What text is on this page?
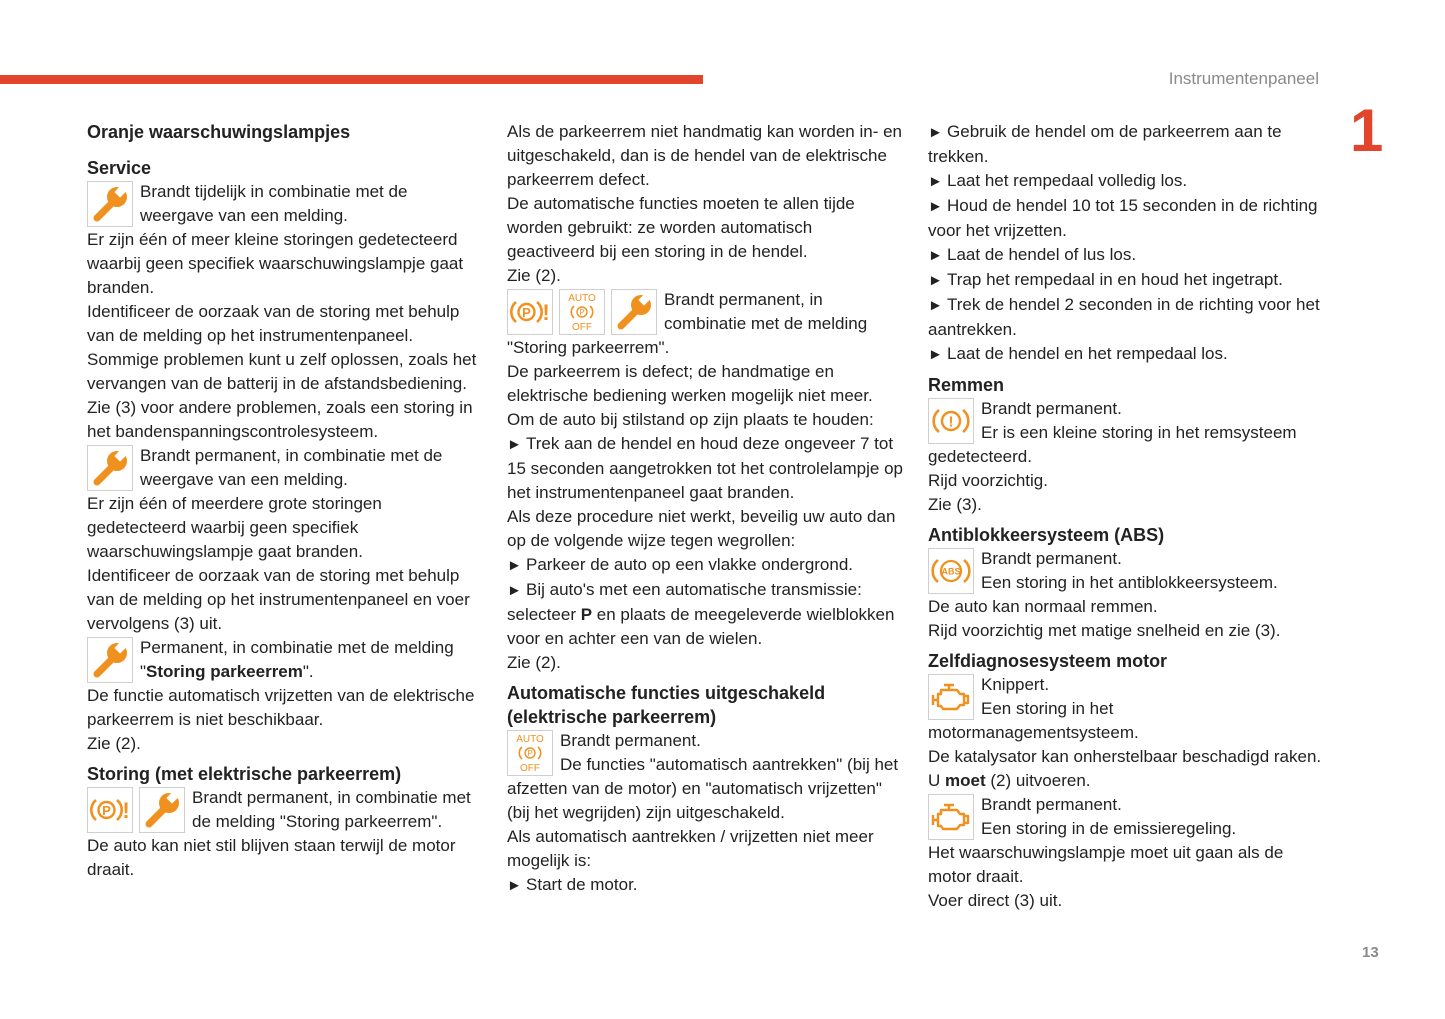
Instrumentenpaneel
1
13
Oranje waarschuwingslampjes
Service
Brandt tijdelijk in combinatie met de weergave van een melding.
Er zijn één of meer kleine storingen gedetecteerd waarbij geen specifiek waarschuwingslampje gaat branden.
Identificeer de oorzaak van de storing met behulp van de melding op het instrumentenpaneel.
Sommige problemen kunt u zelf oplossen, zoals het vervangen van de batterij in de afstandsbediening.
Zie (3) voor andere problemen, zoals een storing in het bandenspanningscontrolesysteem.
Brandt permanent, in combinatie met de weergave van een melding.
Er zijn één of meerdere grote storingen gedetecteerd waarbij geen specifiek waarschuwingslampje gaat branden.
Identificeer de oorzaak van de storing met behulp van de melding op het instrumentenpaneel en voer vervolgens (3) uit.
Permanent, in combinatie met de melding "Storing parkeerrem".
De functie automatisch vrijzetten van de elektrische parkeerrem is niet beschikbaar.
Zie (2).
Storing (met elektrische parkeerrem)
P !
Brandt permanent, in combinatie met de melding "Storing parkeerrem".
De auto kan niet stil blijven staan terwijl de motor draait.
Als de parkeerrem niet handmatig kan worden in- en uitgeschakeld, dan is de hendel van de elektrische parkeerrem defect.
De automatische functies moeten te allen tijde worden gebruikt: ze worden automatisch geactiveerd bij een storing in de hendel.
Zie (2).
P !
AUTO
P
OFF
Brandt permanent, in combinatie met de melding "Storing parkeerrem".
De parkeerrem is defect; de handmatige en elektrische bediening werken mogelijk niet meer.
Om de auto bij stilstand op zijn plaats te houden:
► Trek aan de hendel en houd deze ongeveer 7 tot 15 seconden aangetrokken tot het controlelampje op het instrumentenpaneel gaat branden.
Als deze procedure niet werkt, beveilig uw auto dan op de volgende wijze tegen wegrollen:
► Parkeer de auto op een vlakke ondergrond.
► Bij auto's met een automatische transmissie: selecteer P en plaats de meegeleverde wielblokken voor en achter een van de wielen.
Zie (2).
Automatische functies uitgeschakeld (elektrische parkeerrem)
AUTO
P
OFF
Brandt permanent.
De functies "automatisch aantrekken" (bij het afzetten van de motor) en "automatisch vrijzetten" (bij het wegrijden) zijn uitgeschakeld.
Als automatisch aantrekken / vrijzetten niet meer mogelijk is:
► Start de motor.
► Gebruik de hendel om de parkeerrem aan te trekken.
► Laat het rempedaal volledig los.
► Houd de hendel 10 tot 15 seconden in de richting voor het vrijzetten.
► Laat de hendel of lus los.
► Trap het rempedaal in en houd het ingetrapt.
► Trek de hendel 2 seconden in de richting voor het aantrekken.
► Laat de hendel en het rempedaal los.
Remmen
!
Brandt permanent.
Er is een kleine storing in het remsysteem gedetecteerd.
Rijd voorzichtig.
Zie (3).
Antiblokkeersysteem (ABS)
ABS
Brandt permanent.
Een storing in het antiblokkeersysteem.
De auto kan normaal remmen.
Rijd voorzichtig met matige snelheid en zie (3).
Zelfdiagnosesysteem motor
Knippert.
Een storing in het motormanagementsysteem.
De katalysator kan onherstelbaar beschadigd raken.
U moet (2) uitvoeren.
Brandt permanent.
Een storing in de emissieregeling.
Het waarschuwingslampje moet uit gaan als de motor draait.
Voer direct (3) uit.
